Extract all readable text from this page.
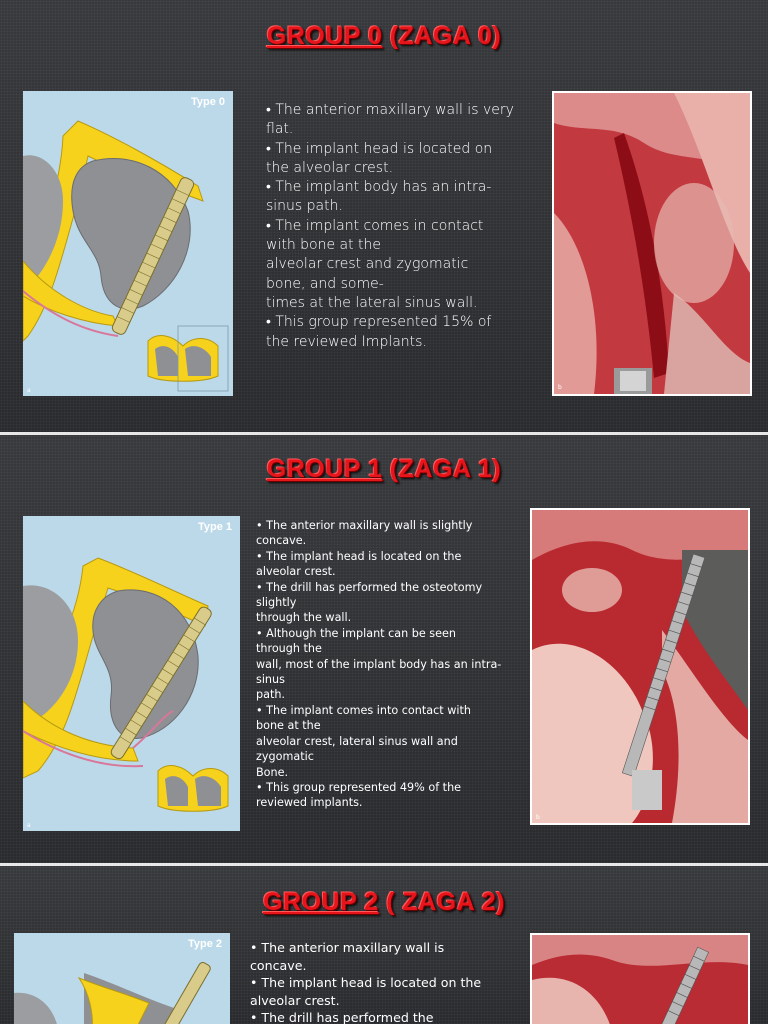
GROUP 0 (ZAGA 0)
Type 0
a
• The anterior maxillary wall is very
flat.
• The implant head is located on
the alveolar crest.
• The implant body has an intra-
sinus path.
• The implant comes in contact
with bone at the
alveolar crest and zygomatic
bone, and some-
times at the lateral sinus wall.
• This group represented 15% of
the reviewed Implants.
b
GROUP 1 (ZAGA 1)
Type 1
a
• The anterior maxillary wall is slightly
concave.
• The implant head is located on the
alveolar crest.
• The drill has performed the osteotomy
slightly
through the wall.
• Although the implant can be seen
through the
wall, most of the implant body has an intra-
sinus
path.
• The implant comes into contact with
bone at the
alveolar crest, lateral sinus wall and
zygomatic
Bone.
• This group represented 49% of the
reviewed implants.
b
GROUP 2 ( ZAGA 2)
Type 2 • The anterior maxillary wall is
concave.
• The implant head is located on the
alveolar crest.
• The drill has performed the
